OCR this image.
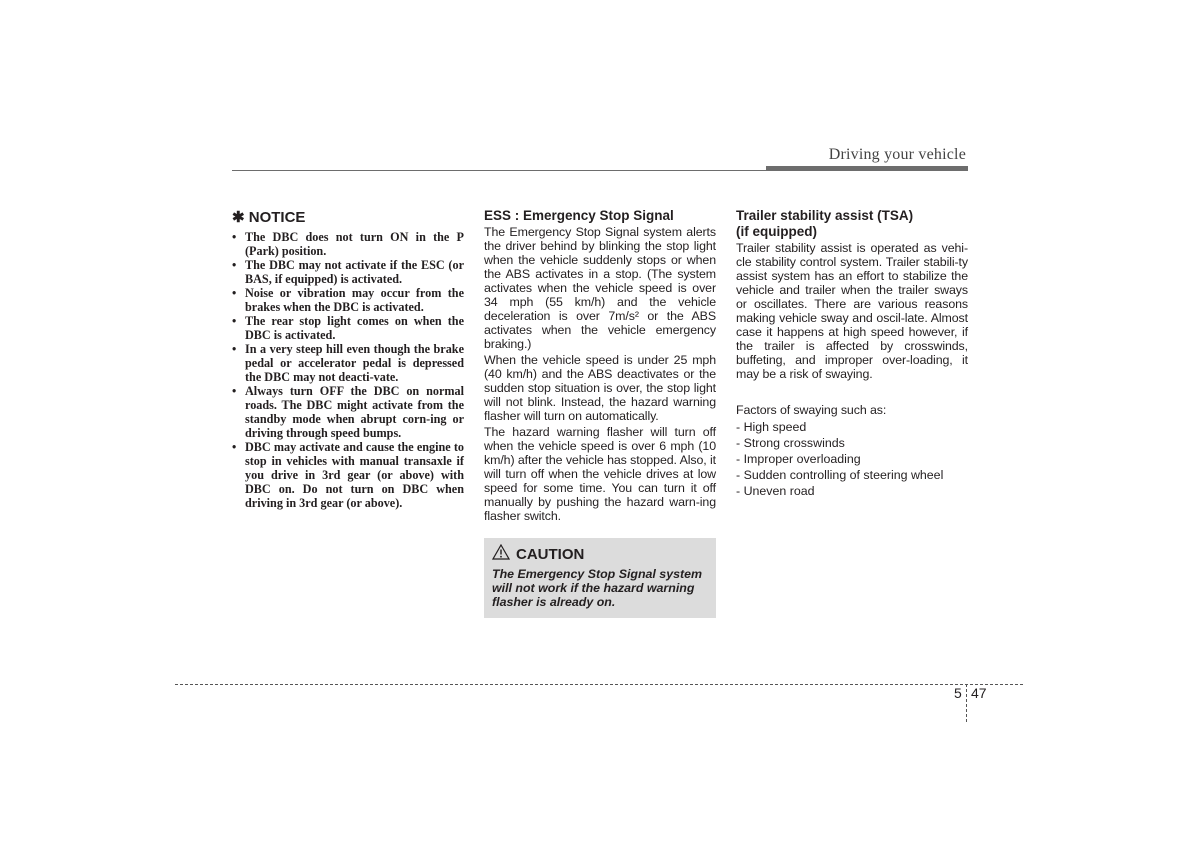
Driving your vehicle
✱ NOTICE
• The DBC does not turn ON in the P (Park) position.
• The DBC may not activate if the ESC (or BAS, if equipped) is activated.
• Noise or vibration may occur from the brakes when the DBC is activated.
• The rear stop light comes on when the DBC is activated.
• In a very steep hill even though the brake pedal or accelerator pedal is depressed the DBC may not deacti-vate.
• Always turn OFF the DBC on normal roads. The DBC might activate from the standby mode when abrupt corn-ing or driving through speed bumps.
• DBC may activate and cause the engine to stop in vehicles with manual transaxle if you drive in 3rd gear (or above) with DBC on. Do not turn on DBC when driving in 3rd gear (or above).
ESS : Emergency Stop Signal

The Emergency Stop Signal system alerts the driver behind by blinking the stop light when the vehicle suddenly stops or when the ABS activates in a stop. (The system activates when the vehicle speed is over 34 mph (55 km/h) and the vehicle deceleration is over 7m/s² or the ABS activates when the vehicle emergency braking.)

When the vehicle speed is under 25 mph (40 km/h) and the ABS deactivates or the sudden stop situation is over, the stop light will not blink. Instead, the hazard warning flasher will turn on automatically.

The hazard warning flasher will turn off when the vehicle speed is over 6 mph (10 km/h) after the vehicle has stopped. Also, it will turn off when the vehicle drives at low speed for some time. You can turn it off manually by pushing the hazard warn-ing flasher switch.

CAUTION
The Emergency Stop Signal system will not work if the hazard warning flasher is already on.
Trailer stability assist (TSA)
(if equipped)

Trailer stability assist is operated as vehi-cle stability control system. Trailer stabili-ty assist system has an effort to stabilize the vehicle and trailer when the trailer sways or oscillates. There are various reasons making vehicle sway and oscil-late. Almost case it happens at high speed however, if the trailer is affected by crosswinds, buffeting, and improper over-loading, it may be a risk of swaying.

Factors of swaying such as:

- High speed
- Strong crosswinds
- Improper overloading
- Sudden controlling of steering wheel
- Uneven road
5 47
